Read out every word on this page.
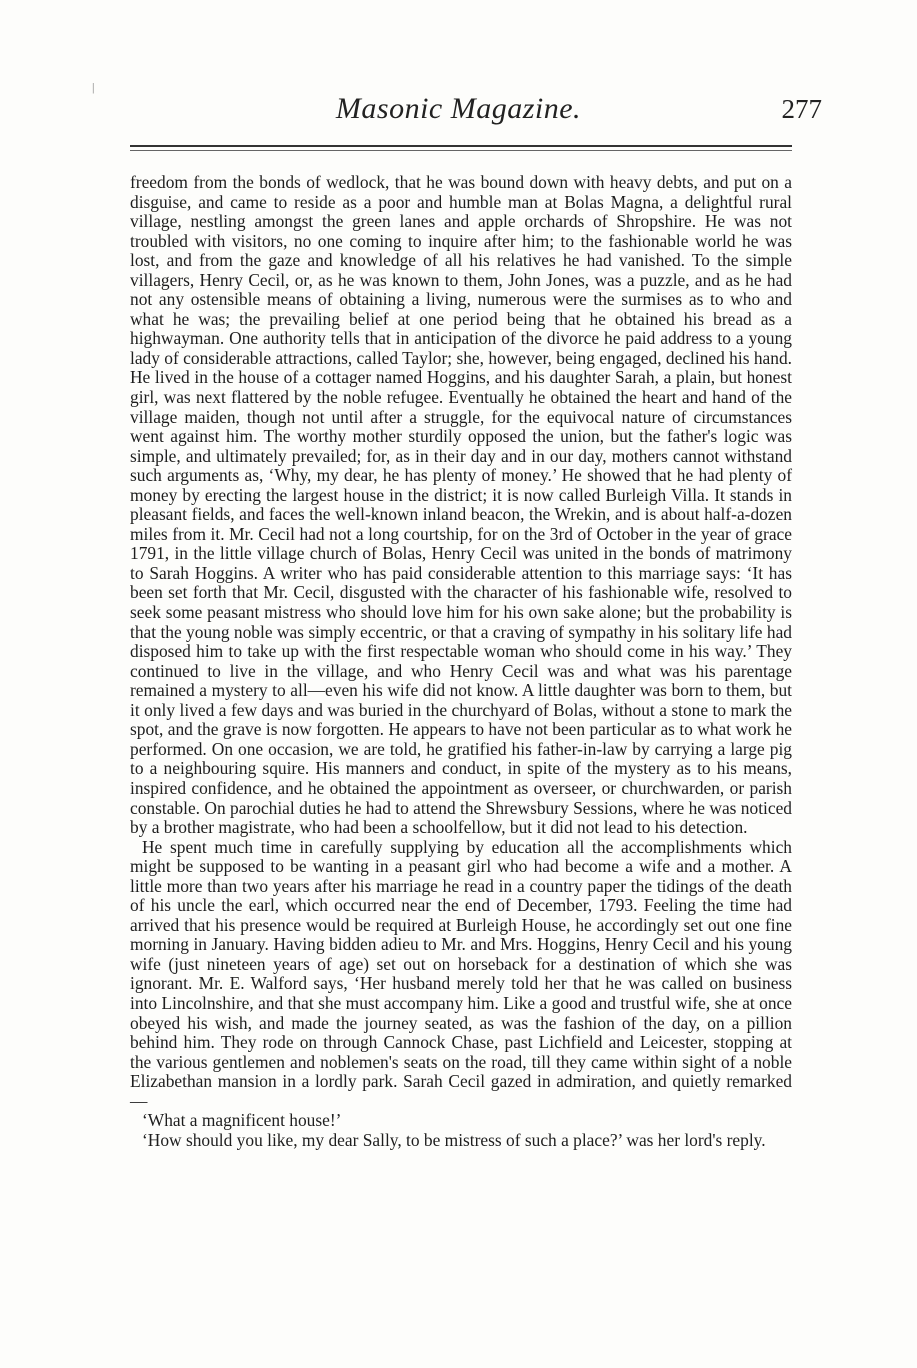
Masonic Magazine.	277
|

freedom from the bonds of wedlock, that he was bound down with heavy debts, and put on a disguise, and came to reside as a poor and humble man at Bolas Magna, a delightful rural village, nestling amongst the green lanes and apple orchards of Shropshire. He was not troubled with visitors, no one coming to inquire after him; to the fashionable world he was lost, and from the gaze and knowledge of all his relatives he had vanished. To the simple villagers, Henry Cecil, or, as he was known to them, John Jones, was a puzzle, and as he had not any ostensible means of obtaining a living, numerous were the surmises as to who and what he was; the prevailing belief at one period being that he obtained his bread as a highwayman. One authority tells that in anticipation of the divorce he paid address to a young lady of considerable attractions, called Taylor; she, however, being engaged, declined his hand. He lived in the house of a cottager named Hoggins, and his daughter Sarah, a plain, but honest girl, was next flattered by the noble refugee. Eventually he obtained the heart and hand of the village maiden, though not until after a struggle, for the equivocal nature of circumstances went against him. The worthy mother sturdily opposed the union, but the father's logic was simple, and ultimately prevailed; for, as in their day and in our day, mothers cannot withstand such arguments as, ‘Why, my dear, he has plenty of money.’ He showed that he had plenty of money by erecting the largest house in the district; it is now called Burleigh Villa. It stands in pleasant fields, and faces the well-known inland beacon, the Wrekin, and is about half-a-dozen miles from it. Mr. Cecil had not a long courtship, for on the 3rd of October in the year of grace 1791, in the little village church of Bolas, Henry Cecil was united in the bonds of matrimony to Sarah Hoggins. A writer who has paid considerable attention to this marriage says: ‘It has been set forth that Mr. Cecil, disgusted with the character of his fashionable wife, resolved to seek some peasant mistress who should love him for his own sake alone; but the probability is that the young noble was simply eccentric, or that a craving of sympathy in his solitary life had disposed him to take up with the first respectable woman who should come in his way.’ They continued to live in the village, and who Henry Cecil was and what was his parentage remained a mystery to all—even his wife did not know. A little daughter was born to them, but it only lived a few days and was buried in the churchyard of Bolas, without a stone to mark the spot, and the grave is now forgotten. He appears to have not been particular as to what work he performed. On one occasion, we are told, he gratified his father-in-law by carrying a large pig to a neighbouring squire. His manners and conduct, in spite of the mystery as to his means, inspired confidence, and he obtained the appointment as overseer, or churchwarden, or parish constable. On parochial duties he had to attend the Shrewsbury Sessions, where he was noticed by a brother magistrate, who had been a schoolfellow, but it did not lead to his detection.

He spent much time in carefully supplying by education all the accomplishments which might be supposed to be wanting in a peasant girl who had become a wife and a mother. A little more than two years after his marriage he read in a country paper the tidings of the death of his uncle the earl, which occurred near the end of December, 1793. Feeling the time had arrived that his presence would be required at Burleigh House, he accordingly set out one fine morning in January. Having bidden adieu to Mr. and Mrs. Hoggins, Henry Cecil and his young wife (just nineteen years of age) set out on horseback for a destination of which she was ignorant. Mr. E. Walford says, ‘Her husband merely told her that he was called on business into Lincolnshire, and that she must accompany him. Like a good and trustful wife, she at once obeyed his wish, and made the journey seated, as was the fashion of the day, on a pillion behind him. They rode on through Cannock Chase, past Lichfield and Leicester, stopping at the various gentlemen and noblemen's seats on the road, till they came within sight of a noble Elizabethan mansion in a lordly park. Sarah Cecil gazed in admiration, and quietly remarked—

‘What a magnificent house!’

‘How should you like, my dear Sally, to be mistress of such a place?’ was her lord's reply.
